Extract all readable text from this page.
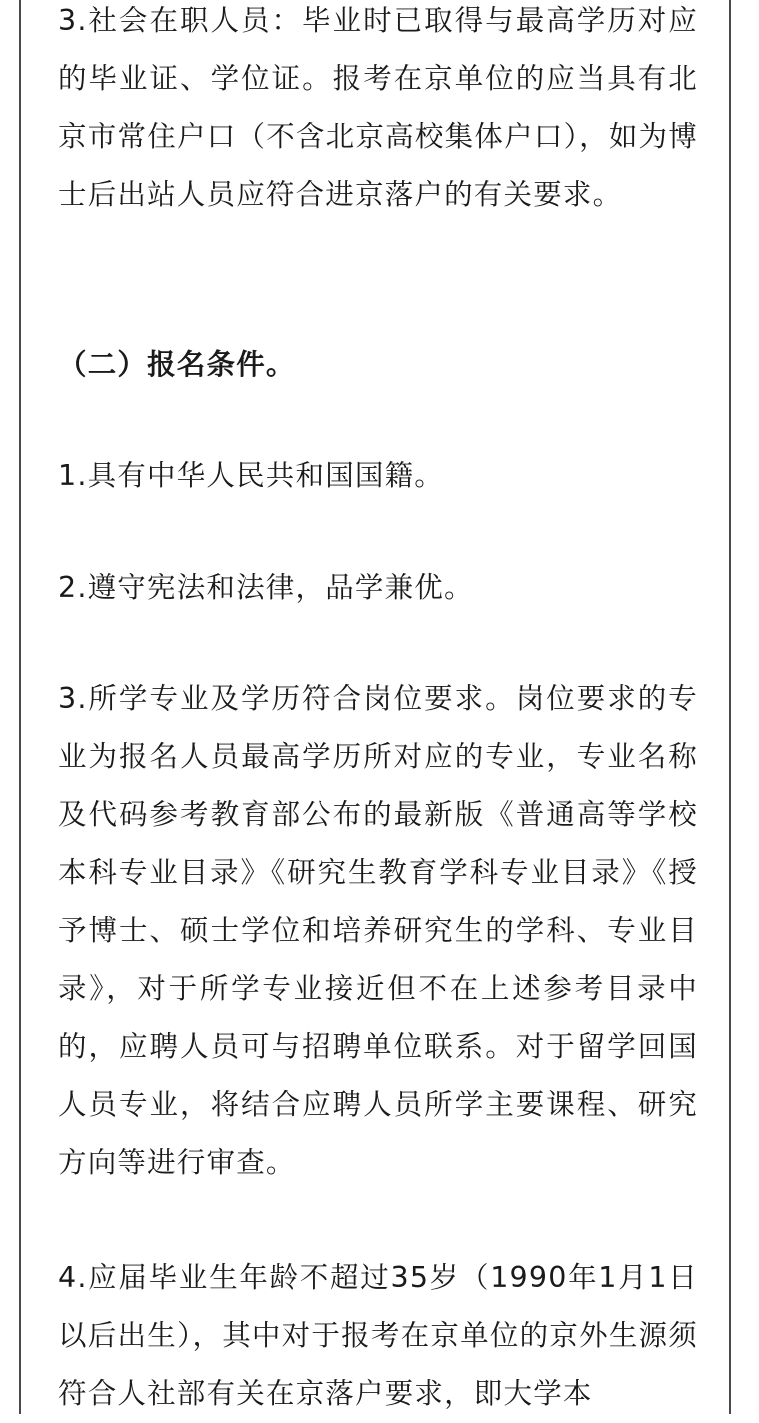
3.社会在职人员：毕业时已取得与最高学历对应的毕业证、学位证。报考在京单位的应当具有北京市常住户口（不含北京高校集体户口），如为博士后出站人员应符合进京落户的有关要求。

（二）报名条件。

1.具有中华人民共和国国籍。

2.遵守宪法和法律，品学兼优。

3.所学专业及学历符合岗位要求。岗位要求的专业为报名人员最高学历所对应的专业，专业名称及代码参考教育部公布的最新版《普通高等学校本科专业目录》《研究生教育学科专业目录》《授予博士、硕士学位和培养研究生的学科、专业目录》，对于所学专业接近但不在上述参考目录中的，应聘人员可与招聘单位联系。对于留学回国人员专业，将结合应聘人员所学主要课程、研究方向等进行审查。

4.应届毕业生年龄不超过35岁（1990年1月1日以后出生），其中对于报考在京单位的京外生源须符合人社部有关在京落户要求，即大学本
